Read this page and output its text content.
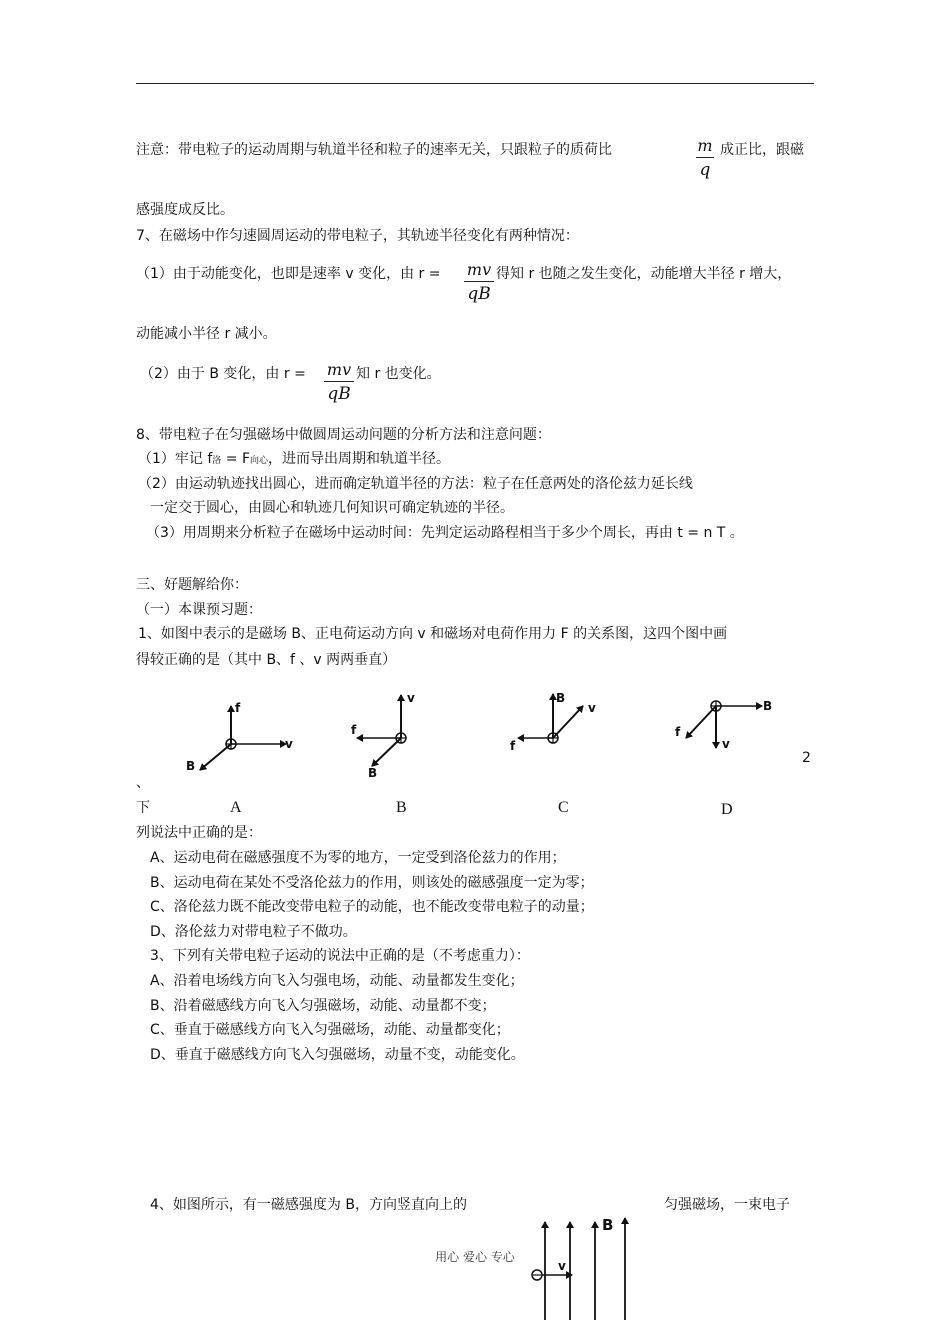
注意：带电粒子的运动周期与轨道半径和粒子的速率无关，只跟粒子的质荷比	m
q
成正比，跟磁
感强度成反比。
7、在磁场中作匀速圆周运动的带电粒子，其轨迹半径变化有两种情况：
（1）由于动能变化，也即是速率 v 变化，由 r = mv
qB
得知 r 也随之发生变化，动能增大半径 r 增大，
动能减小半径 r 减小。
（2）由于 B 变化，由 r = mv
qB
知 r 也变化。
8、带电粒子在匀强磁场中做圆周运动问题的分析方法和注意问题：
（1）牢记 f洛 = F向心，进而导出周期和轨道半径。
（2）由运动轨迹找出圆心，进而确定轨道半径的方法：粒子在任意两处的洛伦兹力延长线
一定交于圆心，由圆心和轨迹几何知识可确定轨迹的半径。
（3）用周期来分析粒子在磁场中运动时间：先判定运动路程相当于多少个周长，再由 t = n T 。
三、好题解给你：
（一）本课预习题：
1、如图中表示的是磁场 B、正电荷运动方向 v 和磁场对电荷作用力 F 的关系图，这四个图中画
得较正确的是（其中 B、f 、v 两两垂直）
f
v
B
v
f
B
B
v
f
B
v
f
v
B
A	B	C	D
2
、
下
列说法中正确的是：
A、运动电荷在磁感强度不为零的地方，一定受到洛伦兹力的作用；
B、运动电荷在某处不受洛伦兹力的作用，则该处的磁感强度一定为零；
C、洛伦兹力既不能改变带电粒子的动能，也不能改变带电粒子的动量；
D、洛伦兹力对带电粒子不做功。
3、下列有关带电粒子运动的说法中正确的是（不考虑重力）：
A、沿着电场线方向飞入匀强电场，动能、动量都发生变化；
B、沿着磁感线方向飞入匀强磁场，动能、动量都不变；
C、垂直于磁感线方向飞入匀强磁场，动能、动量都变化；
D、垂直于磁感线方向飞入匀强磁场，动量不变，动能变化。
4、如图所示，有一磁感强度为 B，方向竖直向上的	匀强磁场，一束电子
用心 爱心 专心
